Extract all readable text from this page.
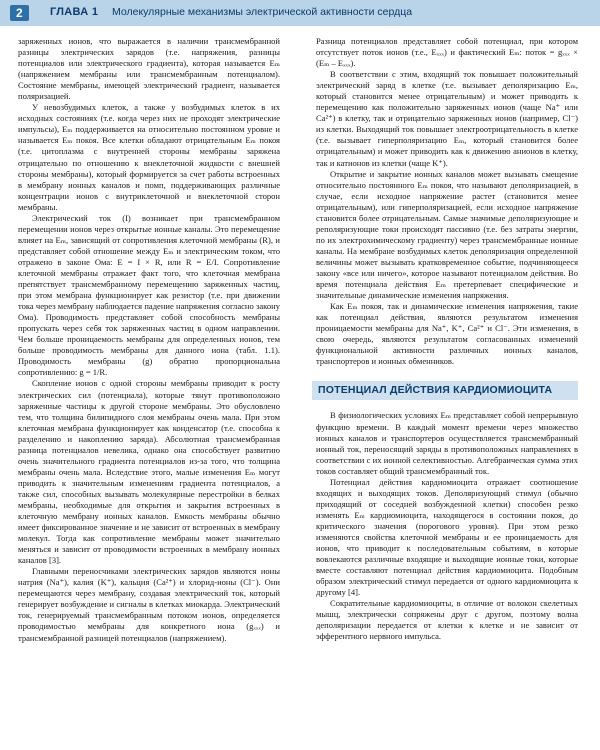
2	ГЛАВА 1 Молекулярные механизмы электрической активности сердца

заряженных ионов, что выражается в наличии трансмембранной разницы электрических зарядов (т.е. напряжения, разницы потенциалов или электрического градиента), которая называется Eₘ (напряжением мембраны или трансмембранным потенциалом). Состояние мембраны, имеющей электрический градиент, называется поляризацией.

У невозбудимых клеток, а также у возбудимых клеток в их исходных состояниях (т.е. когда через них не проходят электрические импульсы), Eₘ поддерживается на относительно постоянном уровне и называется Eₘ покоя. Все клетки обладают отрицательным Eₘ покоя (т.е. цитоплазма с внутренней стороны мембраны заряжена отрицательно по отношению к внеклеточной жидкости с внешней стороны мембраны), который формируется за счет работы встроенных в мембрану ионных каналов и помп, поддерживающих различные концентрации ионов с внутриклеточной и внеклеточной сторон мембраны.

Электрический ток (I) возникает при трансмембранном перемещении ионов через открытые ионные каналы. Это перемещение влияет на Eₘ, зависящий от сопротивления клеточной мембраны (R), и представляет собой отношение между Eₘ и электрическим током, что отражено в законе Ома: E = I × R, или R = E/I. Сопротивление клеточной мембраны отражает факт того, что клеточная мембрана препятствует трансмембранному перемещению заряженных частиц, при этом мембрана функционирует как резистор (т.е. при движении тока через мембрану наблюдается падение напряжения согласно закону Ома). Проводимость представляет собой способность мембраны пропускать через себя ток заряженных частиц в одном направлении. Чем больше проницаемость мембраны для определенных ионов, тем больше проводимость мембраны для данного иона (табл. 1.1). Проводимость мембраны (g) обратно пропорциональна сопротивлению: g = 1/R.

Скопление ионов с одной стороны мембраны приводит к росту электрических сил (потенциала), которые тянут противоположно заряженные частицы к другой стороне мембраны. Это обусловлено тем, что толщина билипидного слоя мембраны очень мала. При этом клеточная мембрана функционирует как конденсатор (т.е. способна к разделению и накоплению заряда). Абсолютная трансмембранная разница потенциалов невелика, однако она способствует развитию очень значительного градиента потенциалов из-за того, что толщина мембраны очень мала. Вследствие этого, малые изменения Eₘ могут приводить к значительным изменениям градиента потенциалов, а также сил, способных вызывать молекулярные перестройки в белках мембраны, необходимые для открытия и закрытия встроенных в клеточную мембрану ионных каналов. Емкость мембраны обычно имеет фиксированное значение и не зависит от встроенных в мембрану молекул. Тогда как сопротивление мембраны может значительно меняться и зависит от проводимости встроенных в мембрану ионных каналов [3].

Главными переносчиками электрических зарядов являются ионы натрия (Na⁺), калия (K⁺), кальция (Ca²⁺) и хлорид-ионы (Cl⁻). Они перемещаются через мембрану, создавая электрический ток, который генерирует возбуждение и сигналы в клетках миокарда. Электрический ток, генерируемый трансмембранным потоком ионов, определяется проводимостью мембраны для конкретного иона (gₓₓₓ) и трансмембранной разницей потенциалов (напряжением).

Разница потенциалов представляет собой потенциал, при котором отсутствует поток ионов (т.е., Eₓₓₓ) и фактический Eₘ: поток = gₓₓₓ × (Eₘ – Eₓₓₓ).

В соответствии с этим, входящий ток повышает положительный электрический заряд в клетке (т.е. вызывает деполяризацию Eₘ, который становится менее отрицательным) и может приводить к перемещению как положительно заряженных ионов (чаще Na⁺ или Ca²⁺) в клетку, так и отрицательно заряженных ионов (например, Cl⁻) из клетки. Выходящий ток повышает электроотрицательность в клетке (т.е. вызывает гиперполяризацию Eₘ, который становится более отрицательным) и может приводить как к движению анионов в клетку, так и катионов из клетки (чаще K⁺).

Открытие и закрытие ионных каналов может вызывать смещение относительно постоянного Eₘ покоя, что называют деполяризацией, в случае, если исходное напряжение растет (становится менее отрицательным), или гиперполяризацией, если исходное напряжение становится более отрицательным. Самые значимые деполяризующие и реполяризующие токи происходят пассивно (т.е. без затраты энергии, по их электрохимическому градиенту) через трансмембранные ионные каналы. На мембране возбудимых клеток деполяризация определенной величины может вызывать кратковременное событие, подчиняющееся закону «все или ничего», которое называют потенциалом действия. Во время потенциала действия Eₘ претерпевает специфические и значительные динамические изменения напряжения.

Как Eₘ покоя, так и динамические изменения напряжения, такие как потенциал действия, являются результатом изменения проницаемости мембраны для Na⁺, K⁺, Ca²⁺ и Cl⁻. Эти изменения, в свою очередь, являются результатом согласованных изменений функциональной активности различных ионных каналов, транспортеров и ионных обменников.

ПОТЕНЦИАЛ ДЕЙСТВИЯ КАРДИОМИОЦИТА

В физиологических условиях Eₘ представляет собой непрерывную функцию времени. В каждый момент времени через множество ионных каналов и транспортеров осуществляется трансмембранный ионный ток, переносящий заряды в противоположных направлениях в соответствии с их ионной селективностью. Алгебраическая сумма этих токов составляет общий трансмембранный ток.

Потенциал действия кардиомиоцита отражает соотношение входящих и выходящих токов. Деполяризующий стимул (обычно приходящий от соседней возбужденной клетки) способен резко изменять Eₘ кардиомиоцита, находящегося в состоянии покоя, до критического значения (порогового уровня). При этом резко изменяются свойства клеточной мембраны и ее проницаемость для ионов, что приводит к последовательным событиям, в которые вовлекаются различные входящие и выходящие ионные токи, которые вместе составляют потенциал действия кардиомиоцита. Подобным образом электрический стимул передается от одного кардиомиоцита к другому [4].

Сократительные кардиомиоциты, в отличие от волокон скелетных мышц, электрически сопряжены друг с другом, поэтому волна деполяризации передается от клетки к клетке и не зависит от эфферентного нервного импульса.
